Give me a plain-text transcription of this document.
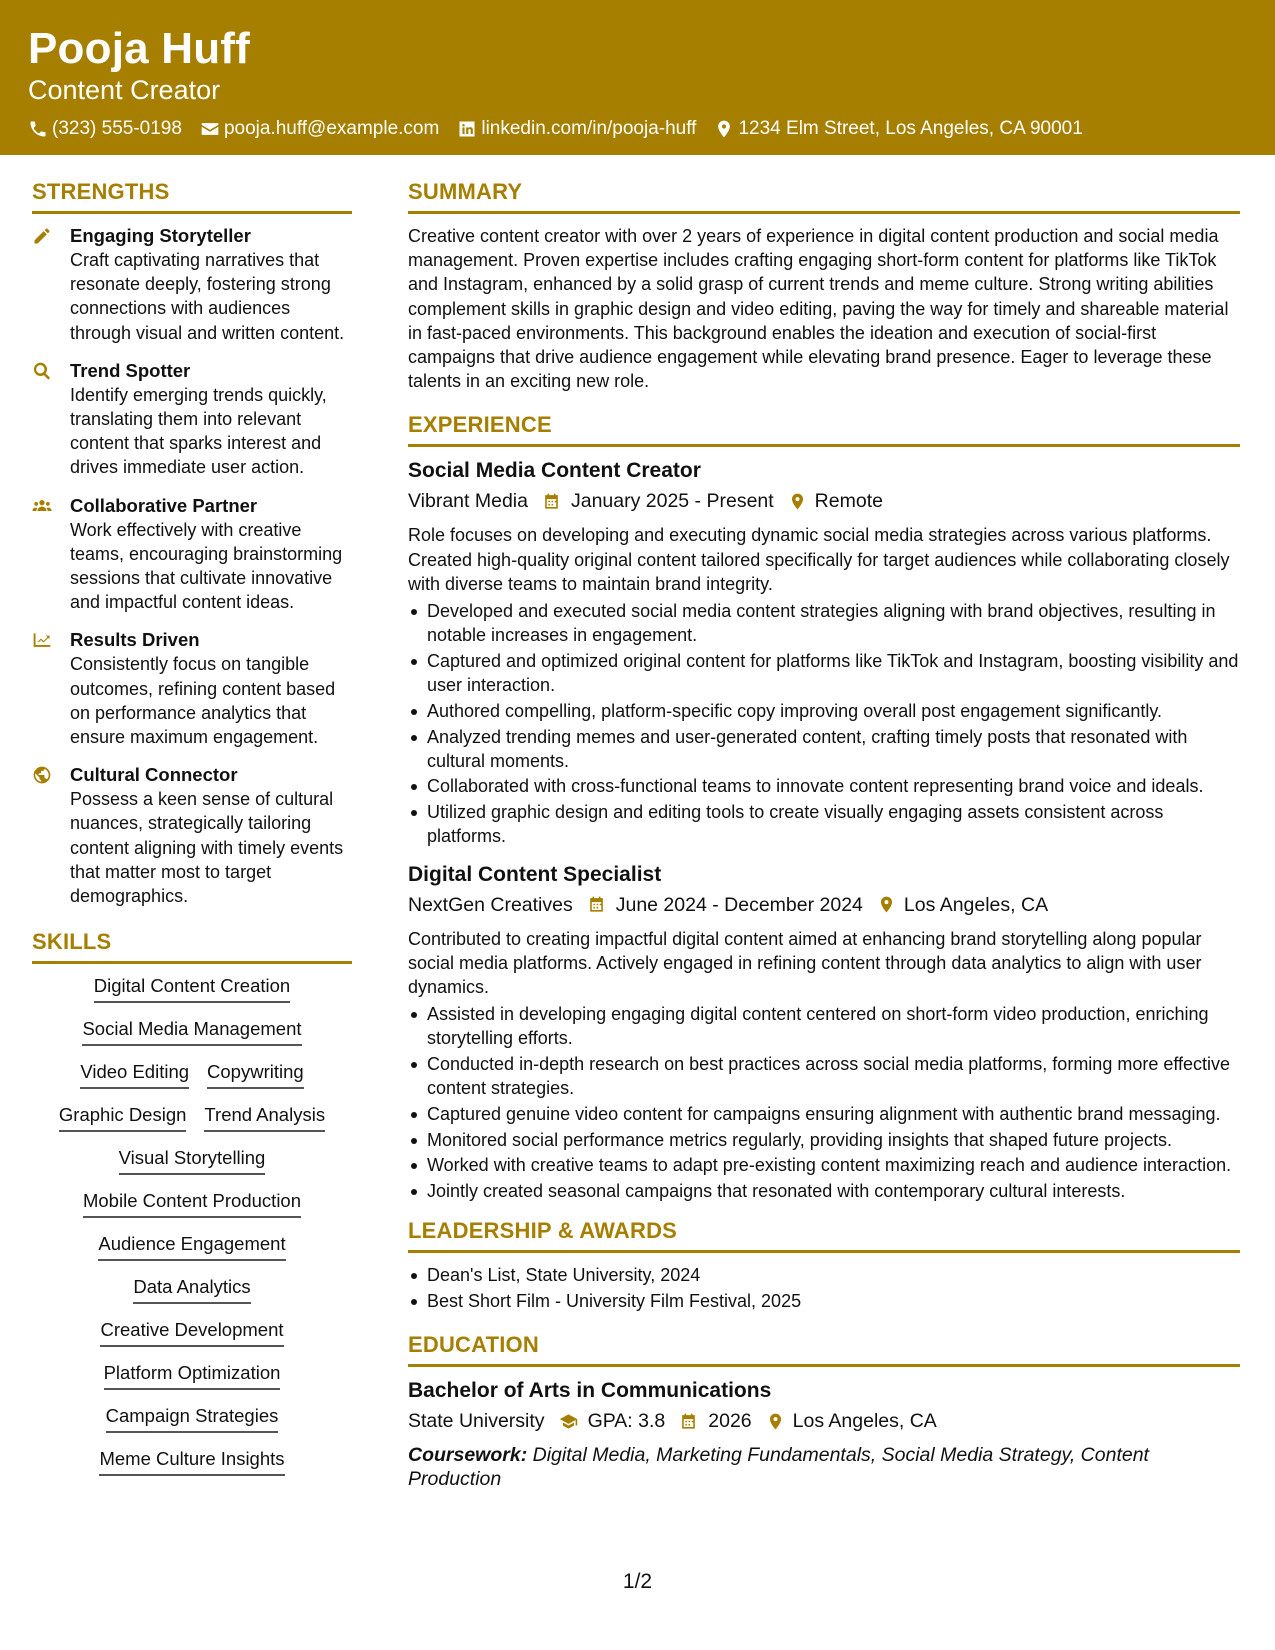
Pooja Huff
Content Creator
(323) 555-0198 pooja.huff@example.com linkedin.com/in/pooja-huff 1234 Elm Street, Los Angeles, CA 90001
STRENGTHS
Engaging Storyteller
Craft captivating narratives that resonate deeply, fostering strong connections with audiences through visual and written content.
Trend Spotter
Identify emerging trends quickly, translating them into relevant content that sparks interest and drives immediate user action.
Collaborative Partner
Work effectively with creative teams, encouraging brainstorming sessions that cultivate innovative and impactful content ideas.
Results Driven
Consistently focus on tangible outcomes, refining content based on performance analytics that ensure maximum engagement.
Cultural Connector
Possess a keen sense of cultural nuances, strategically tailoring content aligning with timely events that matter most to target demographics.
SKILLS
Digital Content Creation
Social Media Management
Video Editing Copywriting
Graphic Design Trend Analysis
Visual Storytelling
Mobile Content Production
Audience Engagement
Data Analytics
Creative Development
Platform Optimization
Campaign Strategies
Meme Culture Insights
SUMMARY
Creative content creator with over 2 years of experience in digital content production and social media management. Proven expertise includes crafting engaging short-form content for platforms like TikTok and Instagram, enhanced by a solid grasp of current trends and meme culture. Strong writing abilities complement skills in graphic design and video editing, paving the way for timely and shareable material in fast-paced environments. This background enables the ideation and execution of social-first campaigns that drive audience engagement while elevating brand presence. Eager to leverage these talents in an exciting new role.
EXPERIENCE
Social Media Content Creator
Vibrant Media January 2025 - Present Remote
Role focuses on developing and executing dynamic social media strategies across various platforms. Created high-quality original content tailored specifically for target audiences while collaborating closely with diverse teams to maintain brand integrity.
Developed and executed social media content strategies aligning with brand objectives, resulting in notable increases in engagement.
Captured and optimized original content for platforms like TikTok and Instagram, boosting visibility and user interaction.
Authored compelling, platform-specific copy improving overall post engagement significantly.
Analyzed trending memes and user-generated content, crafting timely posts that resonated with cultural moments.
Collaborated with cross-functional teams to innovate content representing brand voice and ideals.
Utilized graphic design and editing tools to create visually engaging assets consistent across platforms.
Digital Content Specialist
NextGen Creatives June 2024 - December 2024 Los Angeles, CA
Contributed to creating impactful digital content aimed at enhancing brand storytelling along popular social media platforms. Actively engaged in refining content through data analytics to align with user dynamics.
Assisted in developing engaging digital content centered on short-form video production, enriching storytelling efforts.
Conducted in-depth research on best practices across social media platforms, forming more effective content strategies.
Captured genuine video content for campaigns ensuring alignment with authentic brand messaging.
Monitored social performance metrics regularly, providing insights that shaped future projects.
Worked with creative teams to adapt pre-existing content maximizing reach and audience interaction.
Jointly created seasonal campaigns that resonated with contemporary cultural interests.
LEADERSHIP & AWARDS
Dean's List, State University, 2024
Best Short Film - University Film Festival, 2025
EDUCATION
Bachelor of Arts in Communications
State University GPA: 3.8 2026 Los Angeles, CA
Coursework: Digital Media, Marketing Fundamentals, Social Media Strategy, Content Production
1/2
